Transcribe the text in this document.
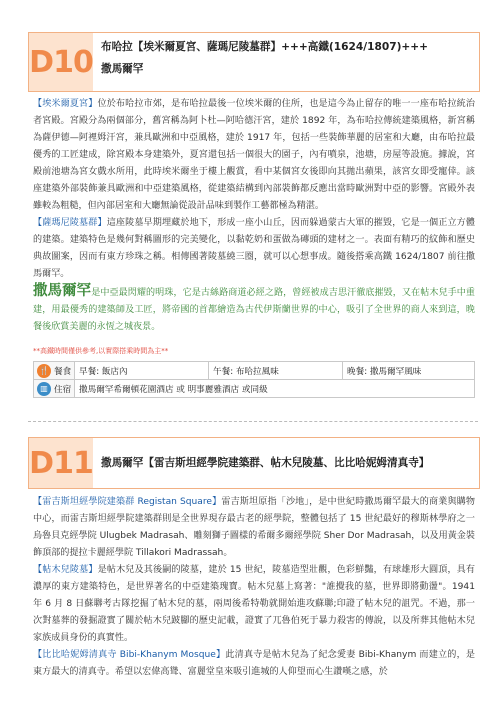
D10 布哈拉【埃米爾夏宮、薩瑪尼陵墓群】+++高鐵(1624/1807)+++
撒馬爾罕

【埃米爾夏宮】位於布哈拉市郊，是布哈拉最後一位埃米爾的住所，也是這今為止留存的唯一一座布哈拉統治者宮殿。宮殿分為兩個部分，舊宮稱為阿卜杜—阿哈德汗宮，建於 1892 年，為布哈拉傳統建築風格，新宮稱為薩伊德—阿裡姆汗宮，兼具歐洲和中亞風格，建於 1917 年，包括一些裝飾華麗的居室和大廳，由布哈拉最優秀的工匠建成，除宮殿本身建築外，夏宮還包括一個很大的園子，內有噴泉，池塘，房屋等設施。據說，宮殿前池塘為宮女戲水所用，此時埃米爾坐于樓上觀賞，看中某個宮女後即向其拋出蘋果，該宮女即受寵倖。該座建築外部裝飾兼具歐洲和中亞建築風格，從建築結構到內部裝飾都反應出當時歐洲對中亞的影響。宮殿外表雖較為粗糙，但內部居室和大廳無論從設計品味到製作工藝都極為精湛。

【薩瑪尼陵墓群】這座陵墓早期埋藏於地下，形成一座小山丘，因而躲過蒙古大軍的摧毀，它是一個正立方體的建築。建築特色是幾何對稱圖形的完美變化，以黏乾奶和蛋做為磚頭的建材之一。表面有精巧的紋飾和歷史典故圖案，因而有東方珍珠之稱。相傳國著陵墓繞三圈，就可以心想事成。隨後搭乘高鐵 1624/1807 前往撒馬爾罕。

撒馬爾罕是中亞最閃耀的明珠，它是古絲路商道必經之路，曾經被成吉思汗徹底摧毀，又在帖木兒手中重建，用最優秀的建築師及工匠，將帝國的首都繪造為古代伊斯蘭世界的中心，吸引了全世界的商人來到這，晚餐後欣賞美麗的永恆之城夜景。

**高鐵時間僅供參考,以實際搭乘時間為主**
🍴 餐食	早餐: 飯店內	午餐: 布哈拉風味	晚餐: 撒馬爾罕風味

▥ 住宿	撒馬爾罕希爾頓花園酒店 或 明事麗雅酒店 或同級		
D11 撒馬爾罕【雷吉斯坦經學院建築群、帖木兒陵墓、比比哈妮姆清真寺】

【雷吉斯坦經學院建築群 Registan Square】雷吉斯坦原指「沙地」，是中世紀時撒馬爾罕最大的商業與購物中心，而雷吉斯坦經學院建築群則是全世界現存最古老的經學院，整體包括了 15 世紀最好的穆斯林學府之一 烏魯貝克經學院 Ulugbek Madrasah、雕刻獅子圖樣的希爾多爾經學院 Sher Dor Madrasah，以及用黃金裝飾頂部的提拉卡麗經學院 Tillakori Madrassah。

【帖木兒陵墓】是帖木兒及其後嗣的陵墓，建於 15 世紀，陵墓造型壯觀，色彩鮮豔，有球雄形大圓頂，具有濃厚的東方建築特色，是世界著名的中亞建築瑰寶。帖木兒墓上寫著："誰攪我的墓，世界即將動盪"。1941 年 6 月 8 日蘇聯考古隊挖掘了帖木兒的墓，兩周後希特勒就開始進攻蘇聯;印證了帖木兒的詛咒。不過，那一次對墓葬的發掘證實了關於帖木兒跛腳的歷史記載，證實了兀魯伯死于暴力殺害的傳說，以及所葬其他帖木兒家族成員身份的真實性。

【比比哈妮姆清真寺 Bibi-Khanym Mosque】此清真寺是帖木兒為了紀念愛妻 Bibi-Khanym 而建立的，是東方最大的清真寺。希望以宏偉高聳、富麗堂皇來吸引進城的人仰望而心生讚嘆之感，於
